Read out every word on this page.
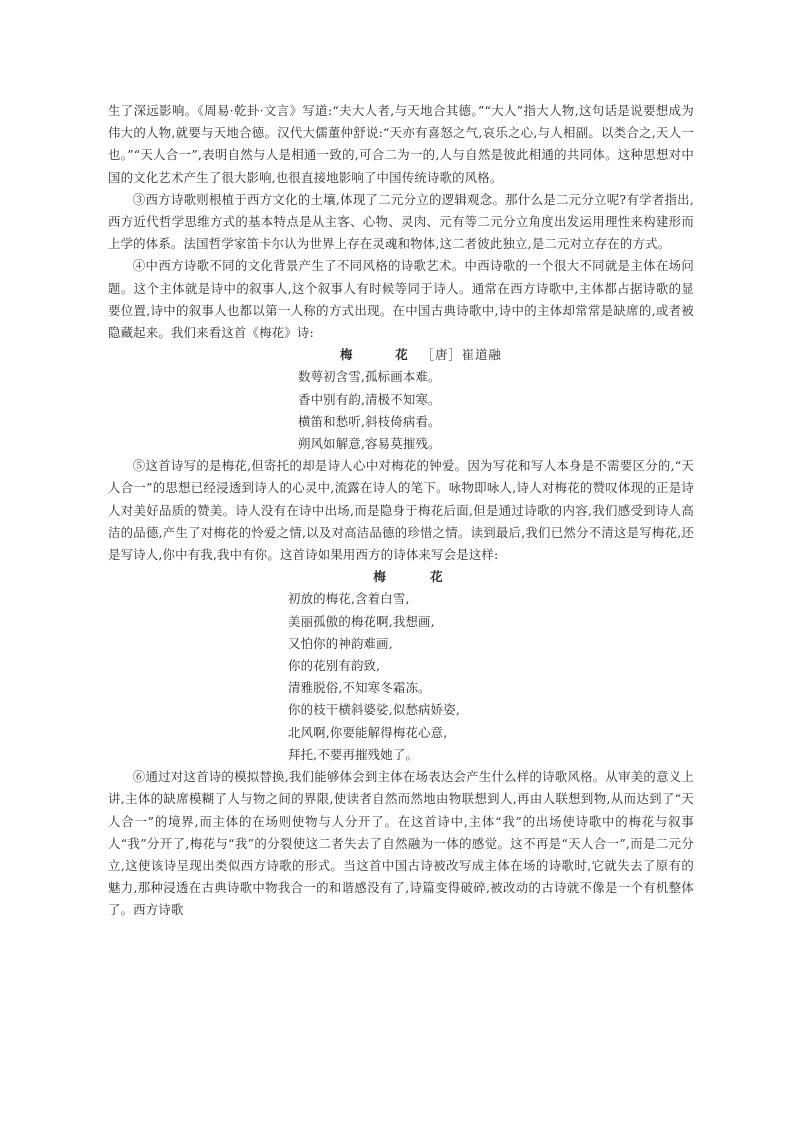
生了深远影响。《周易·乾卦·文言》写道:“夫大人者,与天地合其德。”“大人”指大人物,这句话是说要想成为伟大的人物,就要与天地合德。汉代大儒董仲舒说:“天亦有喜怒之气,哀乐之心,与人相副。以类合之,天人一也。”“天人合一”,表明自然与人是相通一致的,可合二为一的,人与自然是彼此相通的共同体。这种思想对中国的文化艺术产生了很大影响,也很直接地影响了中国传统诗歌的风格。

③西方诗歌则根植于西方文化的土壤,体现了二元分立的逻辑观念。那什么是二元分立呢?有学者指出,西方近代哲学思维方式的基本特点是从主客、心物、灵肉、元有等二元分立角度出发运用理性来构建形而上学的体系。法国哲学家笛卡尔认为世界上存在灵魂和物体,这二者彼此独立,是二元对立存在的方式。

④中西方诗歌不同的文化背景产生了不同风格的诗歌艺术。中西诗歌的一个很大不同就是主体在场问题。这个主体就是诗中的叙事人,这个叙事人有时候等同于诗人。通常在西方诗歌中,主体都占据诗歌的显要位置,诗中的叙事人也都以第一人称的方式出现。在中国古典诗歌中,诗中的主体却常常是缺席的,或者被隐藏起来。我们来看这首《梅花》诗:

梅　　花 ［唐］崔道融

数萼初含雪,孤标画本难。

香中别有韵,清极不知寒。

横笛和愁听,斜枝倚病看。

朔风如解意,容易莫摧残。

⑤这首诗写的是梅花,但寄托的却是诗人心中对梅花的钟爱。因为写花和写人本身是不需要区分的,“天人合一”的思想已经浸透到诗人的心灵中,流露在诗人的笔下。咏物即咏人,诗人对梅花的赞叹体现的正是诗人对美好品质的赞美。诗人没有在诗中出场,而是隐身于梅花后面,但是通过诗歌的内容,我们感受到诗人高洁的品德,产生了对梅花的怜爱之情,以及对高洁品德的珍惜之情。读到最后,我们已然分不清这是写梅花,还是写诗人,你中有我,我中有你。这首诗如果用西方的诗体来写会是这样:

梅　花

初放的梅花,含着白雪,

美丽孤傲的梅花啊,我想画,

又怕你的神韵难画,

你的花别有韵致,

清雅脱俗,不知寒冬霜冻。

你的枝干横斜婆娑,似愁病娇姿,

北风啊,你要能解得梅花心意,

拜托,不要再摧残她了。

⑥通过对这首诗的模拟替换,我们能够体会到主体在场表达会产生什么样的诗歌风格。从审美的意义上讲,主体的缺席模糊了人与物之间的界限,使读者自然而然地由物联想到人,再由人联想到物,从而达到了“天人合一”的境界,而主体的在场则使物与人分开了。在这首诗中,主体“我”的出场使诗歌中的梅花与叙事人“我”分开了,梅花与“我”的分裂使这二者失去了自然融为一体的感觉。这不再是“天人合一”,而是二元分立,这使该诗呈现出类似西方诗歌的形式。当这首中国古诗被改写成主体在场的诗歌时,它就失去了原有的魅力,那种浸透在古典诗歌中物我合一的和谐感没有了,诗篇变得破碎,被改动的古诗就不像是一个有机整体了。西方诗歌
